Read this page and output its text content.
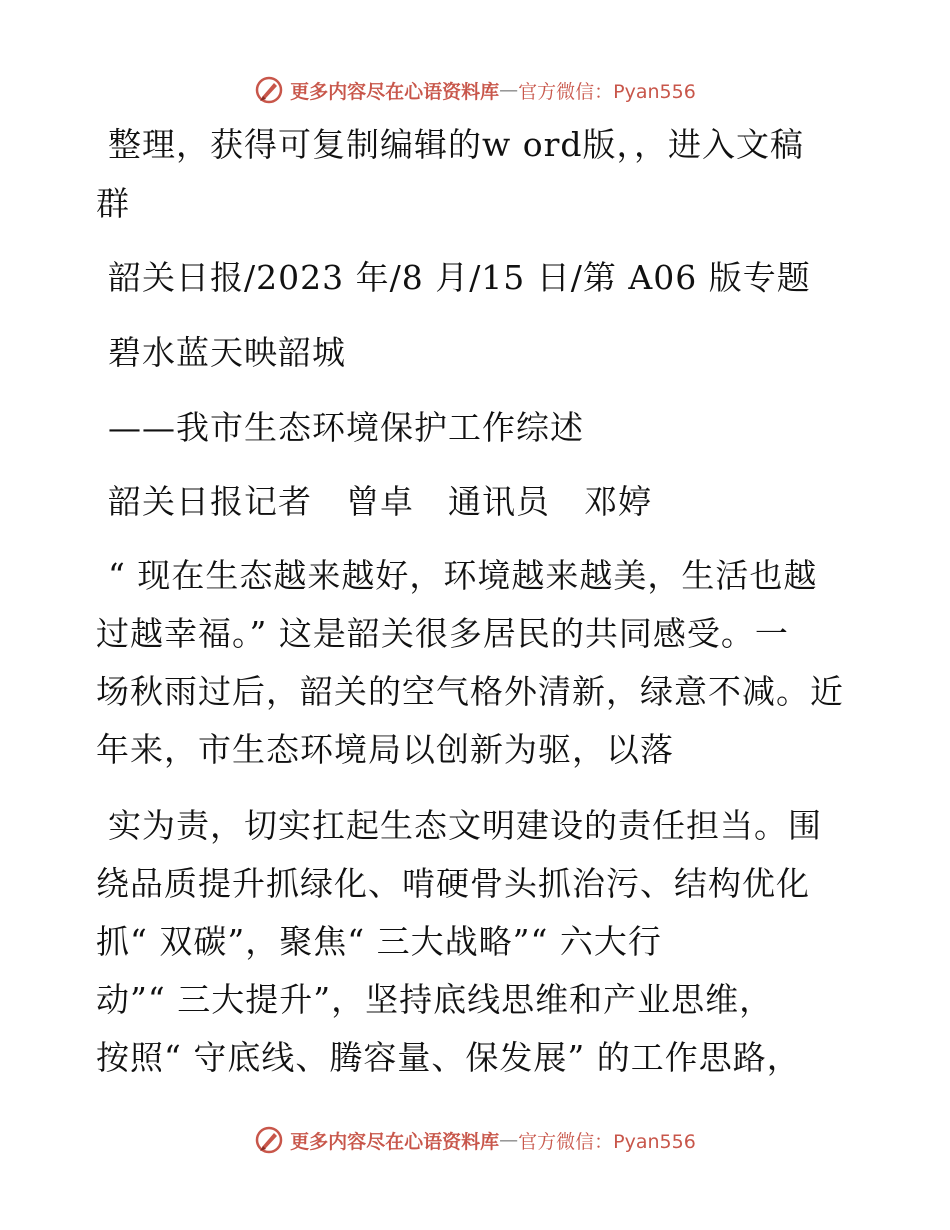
更多内容尽在心语资料库 — 官方微信：Pyan556
整理，获得可复制编辑的w ord版，，进入文稿
群
韶关日报/2023 年/8 月/15 日/第 A06 版专题
碧水蓝天映韶城
——我市生态环境保护工作综述
韶关日报记者　曾卓　通讯员　邓婷
“ 现在生态越来越好，环境越来越美，生活也越
过越幸福。” 这是韶关很多居民的共同感受。一
场秋雨过后，韶关的空气格外清新，绿意不减。近
年来，市生态环境局以创新为驱，以落
实为责，切实扛起生态文明建设的责任担当。围
绕品质提升抓绿化、啃硬骨头抓治污、结构优化
抓“ 双碳”，聚焦“ 三大战略”“ 六大行
动”“ 三大提升”，坚持底线思维和产业思维，
按照“ 守底线、腾容量、保发展” 的工作思路，
更多内容尽在心语资料库 — 官方微信：Pyan556
